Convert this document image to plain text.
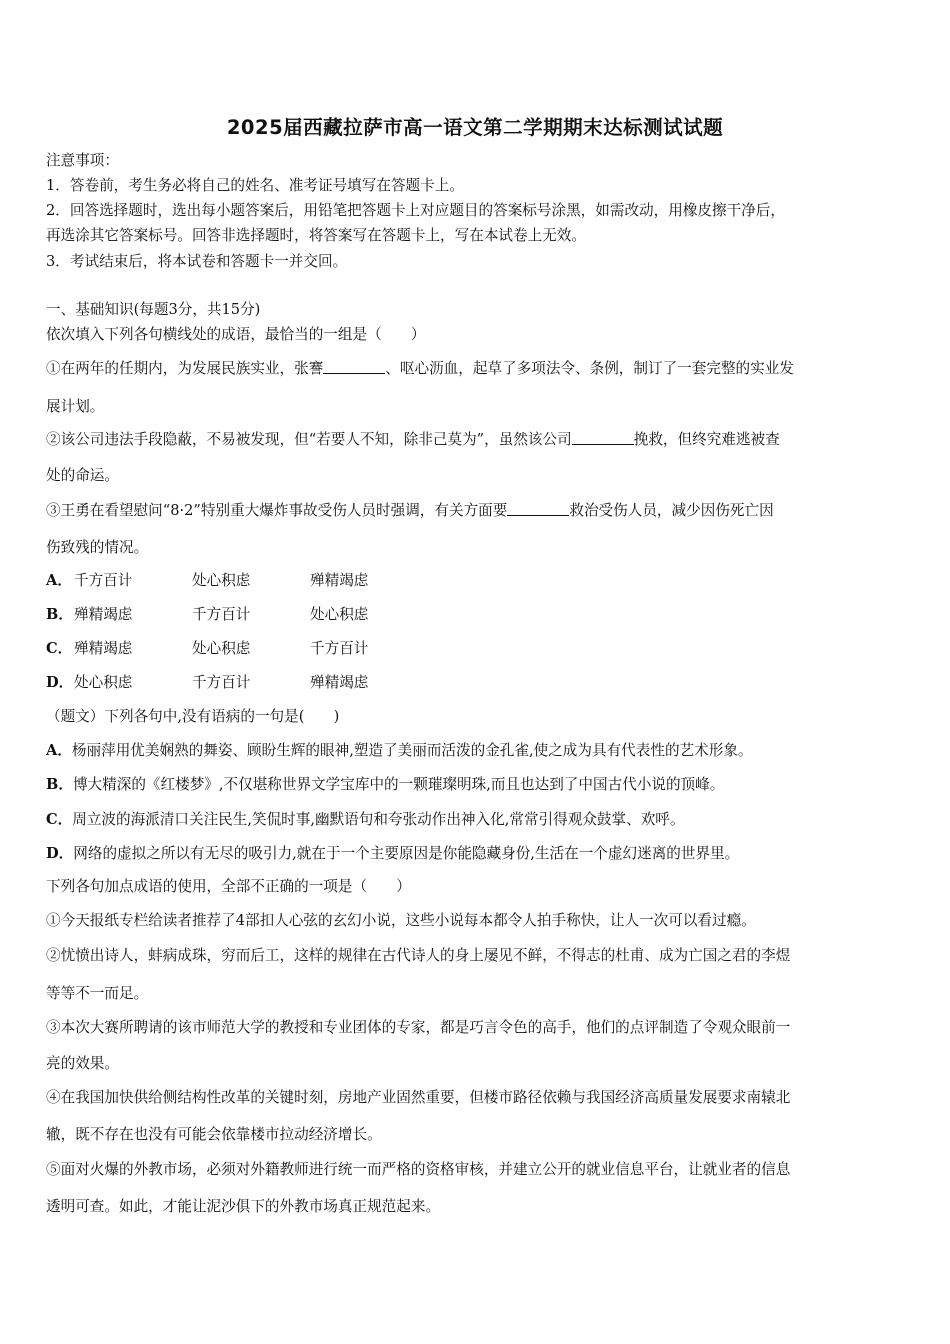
2025届西藏拉萨市高一语文第二学期期末达标测试试题
注意事项：
1．答卷前，考生务必将自己的姓名、准考证号填写在答题卡上。
2．回答选择题时，选出每小题答案后，用铅笔把答题卡上对应题目的答案标号涂黑，如需改动，用橡皮擦干净后，
再选涂其它答案标号。回答非选择题时，将答案写在答题卡上，写在本试卷上无效。
3．考试结束后，将本试卷和答题卡一并交回。
一、基础知识(每题3分，共15分)
依次填入下列各句横线处的成语，最恰当的一组是（　　）
①在两年的任期内，为发展民族实业，张謇	、呕心沥血，起草了多项法令、条例，制订了一套完整的实业发
展计划。
②该公司违法手段隐蔽，不易被发现，但“若要人不知，除非己莫为”，虽然该公司	挽救，但终究难逃被查
处的命运。
③王勇在看望慰问“8·2”特别重大爆炸事故受伤人员时强调，有关方面要	救治受伤人员，减少因伤死亡因
伤致残的情况。
A． 千方百计	处心积虑	殚精竭虑
B．殚精竭虑	千方百计	处心积虑
C． 殚精竭虑	处心积虑	千方百计
D．处心积虑	千方百计	殚精竭虑
（题文）下列各句中,没有语病的一句是(　　)
A．杨丽萍用优美娴熟的舞姿、顾盼生辉的眼神,塑造了美丽而活泼的金孔雀,使之成为具有代表性的艺术形象。
B．博大精深的《红楼梦》,不仅堪称世界文学宝库中的一颗璀璨明珠,而且也达到了中国古代小说的顶峰。
C．周立波的海派清口关注民生,笑侃时事,幽默语句和夸张动作出神入化,常常引得观众鼓掌、欢呼。
D．网络的虚拟之所以有无尽的吸引力,就在于一个主要原因是你能隐藏身份,生活在一个虚幻迷离的世界里。
下列各句加点成语的使用，全部不正确的一项是（　　）
①今天报纸专栏给读者推荐了4部扣人心弦的玄幻小说，这些小说每本都令人拍手称快，让人一次可以看过瘾。
②忧愤出诗人，蚌病成珠，穷而后工，这样的规律在古代诗人的身上屡见不鲜，不得志的杜甫、成为亡国之君的李煜
等等不一而足。
③本次大赛所聘请的该市师范大学的教授和专业团体的专家，都是巧言令色的高手，他们的点评制造了令观众眼前一
亮的效果。
④在我国加快供给侧结构性改革的关键时刻，房地产业固然重要，但楼市路径依赖与我国经济高质量发展要求南辕北
辙，既不存在也没有可能会依靠楼市拉动经济增长。
⑤面对火爆的外教市场，必须对外籍教师进行统一而严格的资格审核，并建立公开的就业信息平台，让就业者的信息
透明可查。如此，才能让泥沙俱下的外教市场真正规范起来。
